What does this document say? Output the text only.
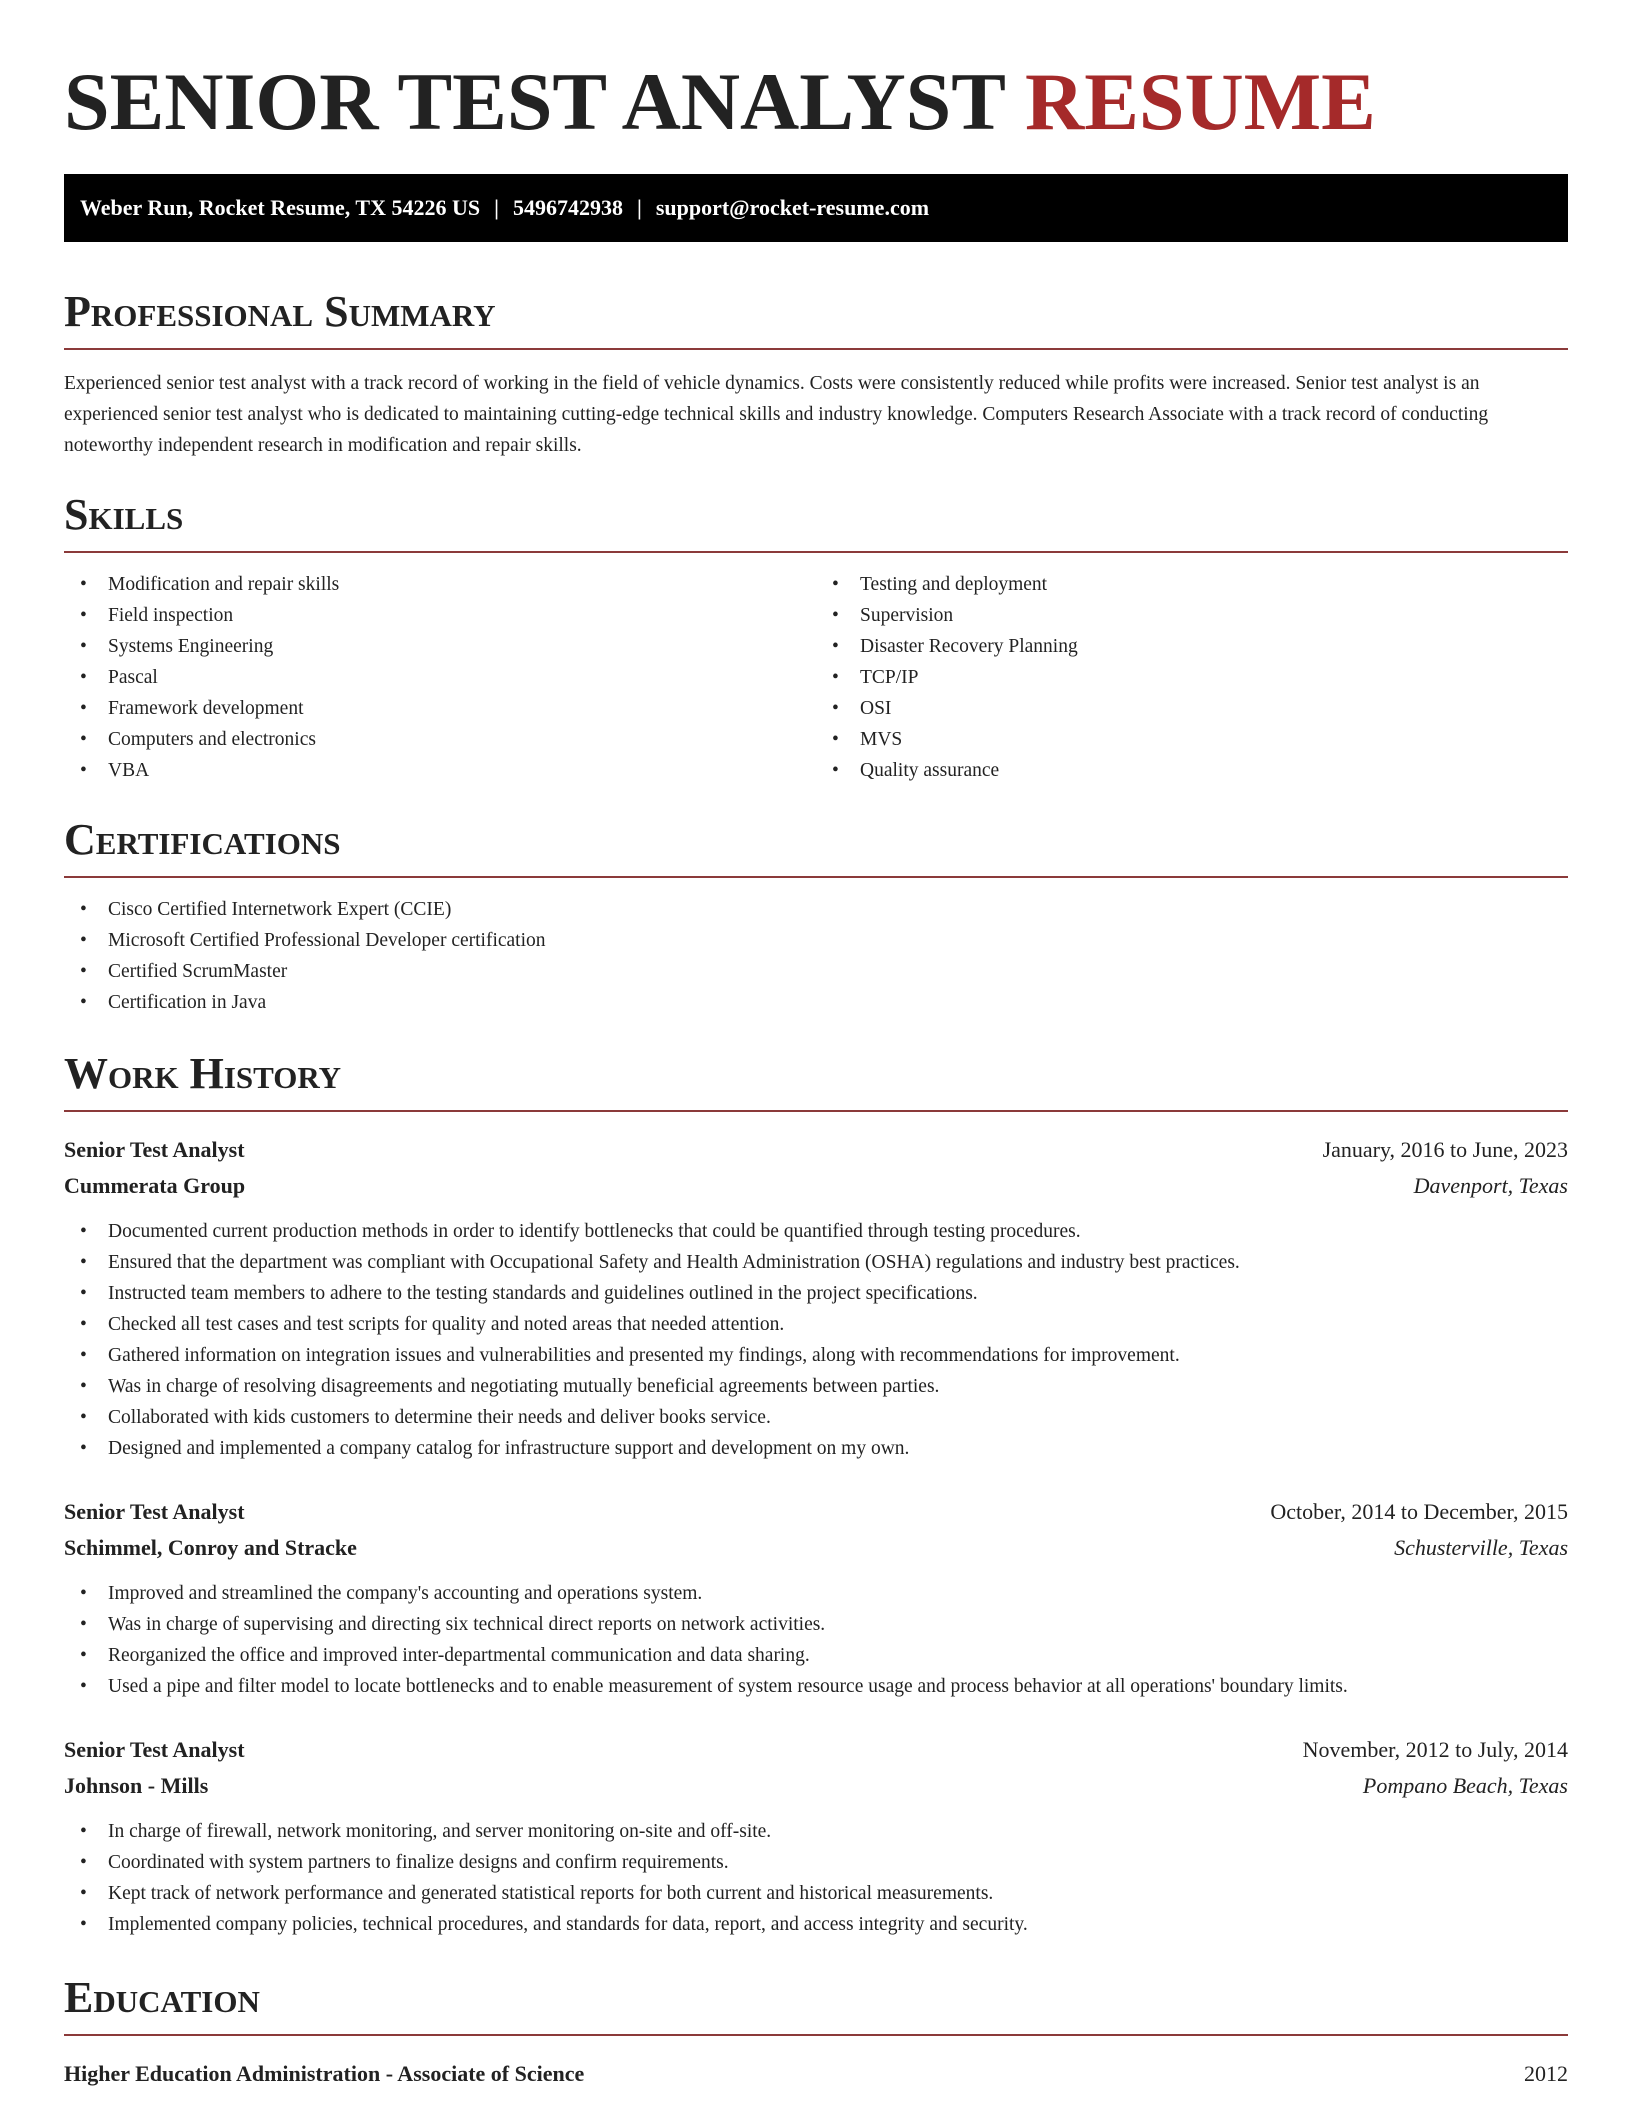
SENIOR TEST ANALYST RESUME
Weber Run, Rocket Resume, TX 54226 US | 5496742938 | support@rocket-resume.com
Professional Summary

Experienced senior test analyst with a track record of working in the field of vehicle dynamics. Costs were consistently reduced while profits were increased. Senior test analyst is an experienced senior test analyst who is dedicated to maintaining cutting-edge technical skills and industry knowledge. Computers Research Associate with a track record of conducting noteworthy independent research in modification and repair skills.

Skills
• Modification and repair skills
• Field inspection
• Systems Engineering
• Pascal
• Framework development
• Computers and electronics
• VBA
• Testing and deployment
• Supervision
• Disaster Recovery Planning
• TCP/IP
• OSI
• MVS
• Quality assurance
Certifications
• Cisco Certified Internetwork Expert (CCIE)
• Microsoft Certified Professional Developer certification
• Certified ScrumMaster
• Certification in Java
Work History
Senior Test Analyst	January, 2016 to June, 2023
Cummerata Group	Davenport, Texas
• Documented current production methods in order to identify bottlenecks that could be quantified through testing procedures.
• Ensured that the department was compliant with Occupational Safety and Health Administration (OSHA) regulations and industry best practices.
• Instructed team members to adhere to the testing standards and guidelines outlined in the project specifications.
• Checked all test cases and test scripts for quality and noted areas that needed attention.
• Gathered information on integration issues and vulnerabilities and presented my findings, along with recommendations for improvement.
• Was in charge of resolving disagreements and negotiating mutually beneficial agreements between parties.
• Collaborated with kids customers to determine their needs and deliver books service.
• Designed and implemented a company catalog for infrastructure support and development on my own.
Senior Test Analyst	October, 2014 to December, 2015
Schimmel, Conroy and Stracke	Schusterville, Texas
• Improved and streamlined the company's accounting and operations system.
• Was in charge of supervising and directing six technical direct reports on network activities.
• Reorganized the office and improved inter-departmental communication and data sharing.
• Used a pipe and filter model to locate bottlenecks and to enable measurement of system resource usage and process behavior at all operations' boundary limits.
Senior Test Analyst	November, 2012 to July, 2014
Johnson - Mills	Pompano Beach, Texas
• In charge of firewall, network monitoring, and server monitoring on-site and off-site.
• Coordinated with system partners to finalize designs and confirm requirements.
• Kept track of network performance and generated statistical reports for both current and historical measurements.
• Implemented company policies, technical procedures, and standards for data, report, and access integrity and security.
Education
Higher Education Administration - Associate of Science	2012
